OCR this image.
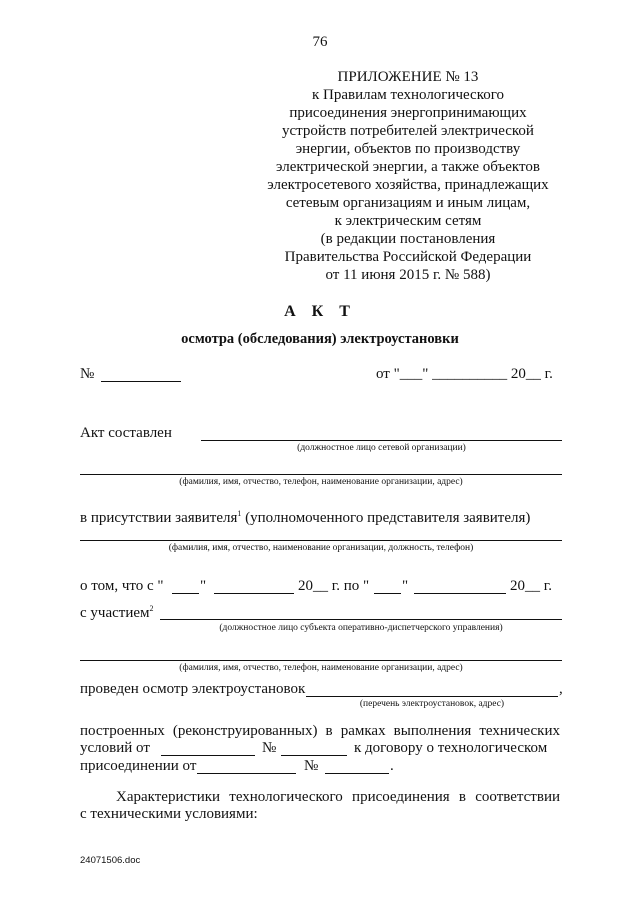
76
ПРИЛОЖЕНИЕ № 13
к Правилам технологического
присоединения энергопринимающих
устройств потребителей электрической
энергии, объектов по производству
электрической энергии, а также объектов
электросетевого хозяйства, принадлежащих
сетевым организациям и иным лицам,
к электрическим сетям
(в редакции постановления
Правительства Российской Федерации
от 11 июня 2015 г. № 588)
А К Т
осмотра (обследования) электроустановки
№	от "___" __________ 20__ г.
Акт составлен
(должностное лицо сетевой организации)
(фамилия, имя, отчество, телефон, наименование организации, адрес)
в присутствии заявителя$^1$ (уполномоченного представителя заявителя)
(фамилия, имя, отчество, наименование организации, должность, телефон)
о том, что с " "	20__ г. по " "	20__ г.
с участием$^2$
(должностное лицо субъекта оперативно-диспетчерского управления)
(фамилия, имя, отчество, телефон, наименование организации, адрес)
проведен осмотр электроустановок	,
(перечень электроустановок, адрес)
построенных (реконструированных) в рамках выполнения технических
условий от	№	к договору о технологическом
присоединении от	№	.
Характеристики технологического присоединения в соответствии
с техническими условиями:
24071506.doc
